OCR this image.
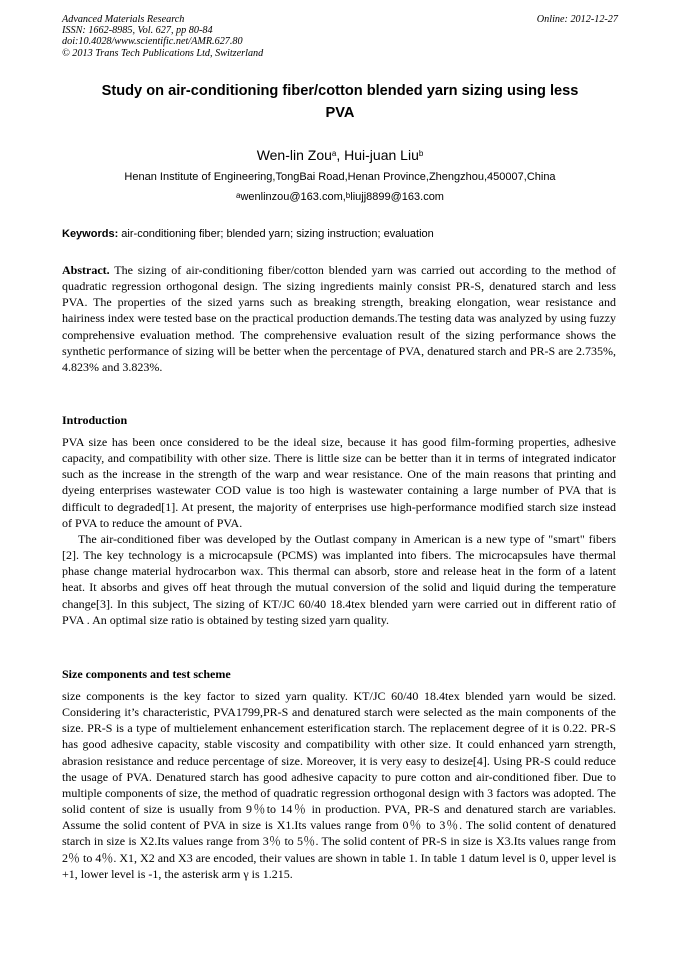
Advanced Materials Research
ISSN: 1662-8985, Vol. 627, pp 80-84
doi:10.4028/www.scientific.net/AMR.627.80
© 2013 Trans Tech Publications Ltd, Switzerland
Online: 2012-12-27
Study on air-conditioning fiber/cotton blended yarn sizing using less
PVA
Wen-lin Zou$^a$, Hui-juan Liu$^b$
Henan Institute of Engineering,TongBai Road,Henan Province,Zhengzhou,450007,China
$^a$wenlinzou@163.com,$^b$liujj8899@163.com
Keywords: air-conditioning fiber; blended yarn; sizing instruction; evaluation
Abstract. The sizing of air-conditioning fiber/cotton blended yarn was carried out according to the method of quadratic regression orthogonal design. The sizing ingredients mainly consist PR-S, denatured starch and less PVA. The properties of the sized yarns such as breaking strength, breaking elongation, wear resistance and hairiness index were tested base on the practical production demands.The testing data was analyzed by using fuzzy comprehensive evaluation method. The comprehensive evaluation result of the sizing performance shows the synthetic performance of sizing will be better when the percentage of PVA, denatured starch and PR-S are 2.735%, 4.823% and 3.823%.
Introduction
PVA size has been once considered to be the ideal size, because it has good film-forming properties, adhesive capacity, and compatibility with other size. There is little size can be better than it in terms of integrated indicator such as the increase in the strength of the warp and wear resistance. One of the main reasons that printing and dyeing enterprises wastewater COD value is too high is wastewater containing a large number of PVA that is difficult to degraded[1]. At present, the majority of enterprises use high-performance modified starch size instead of PVA to reduce the amount of PVA.
The air-conditioned fiber was developed by the Outlast company in American is a new type of "smart" fibers [2]. The key technology is a microcapsule (PCMS) was implanted into fibers. The microcapsules have thermal phase change material hydrocarbon wax. This thermal can absorb, store and release heat in the form of a latent heat. It absorbs and gives off heat through the mutual conversion of the solid and liquid during the temperature change[3]. In this subject, The sizing of KT/JC 60/40 18.4tex blended yarn were carried out in different ratio of PVA . An optimal size ratio is obtained by testing sized yarn quality.
Size components and test scheme
size components is the key factor to sized yarn quality. KT/JC 60/40 18.4tex blended yarn would be sized. Considering it’s characteristic, PVA1799,PR-S and denatured starch were selected as the main components of the size. PR-S is a type of multielement enhancement esterification starch. The replacement degree of it is 0.22. PR-S has good adhesive capacity, stable viscosity and compatibility with other size. It could enhanced yarn strength, abrasion resistance and reduce percentage of size. Moreover, it is very easy to desize[4]. Using PR-S could reduce the usage of PVA. Denatured starch has good adhesive capacity to pure cotton and air-conditioned fiber. Due to multiple components of size, the method of quadratic regression orthogonal design with 3 factors was adopted. The solid content of size is usually from 9％to 14％ in production. PVA, PR-S and denatured starch are variables. Assume the solid content of PVA in size is X1.Its values range from 0％ to 3％. The solid content of denatured starch in size is X2.Its values range from 3％ to 5％. The solid content of PR-S in size is X3.Its values range from 2％ to 4％. X1, X2 and X3 are encoded, their values are shown in table 1. In table 1 datum level is 0, upper level is +1, lower level is -1, the asterisk arm γ is 1.215.
